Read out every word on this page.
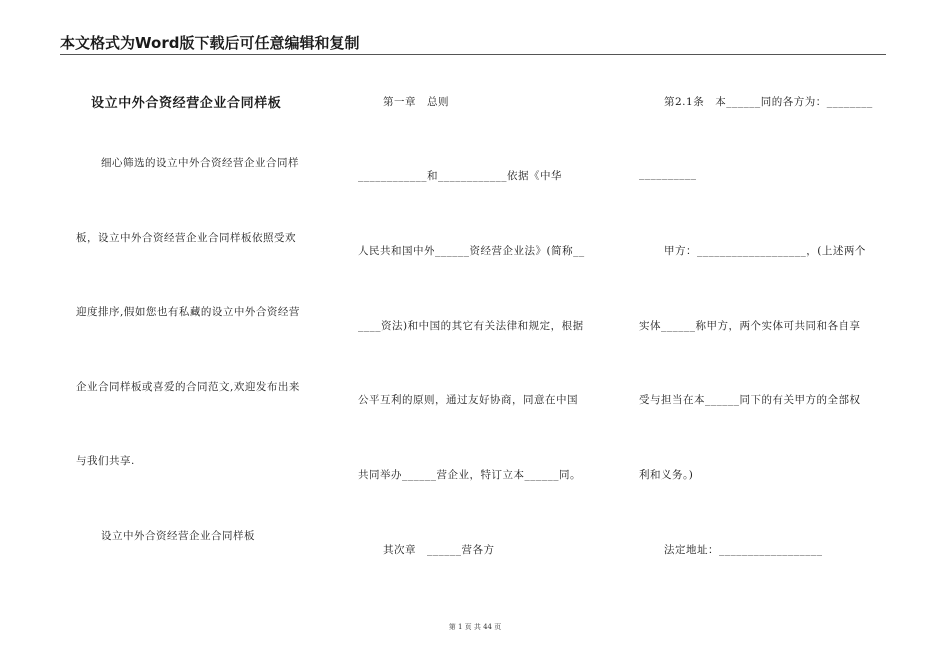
本文格式为Word版下载后可任意编辑和复制
设立中外合资经营企业合同样板
细心筛选的设立中外合资经营企业合同样
板，设立中外合资经营企业合同样板依照受欢
迎度排序,假如您也有私藏的设立中外合资经营
企业合同样板或喜爱的合同范文,欢迎发布出来
与我们共享.
设立中外合资经营企业合同样板
第一章　总则
____________和____________依据《中华
人民共和国中外______资经营企业法》(简称__
____资法)和中国的其它有关法律和规定，根据
公平互利的原则，通过友好协商，同意在中国
共同举办______营企业，特订立本______同。
其次章　______营各方
第2.1条　本______同的各方为：________
__________
甲方：___________________，(上述两个
实体______称甲方，两个实体可共同和各自享
受与担当在本______同下的有关甲方的全部权
利和义务。)
法定地址：__________________
第 1 页 共 44 页
